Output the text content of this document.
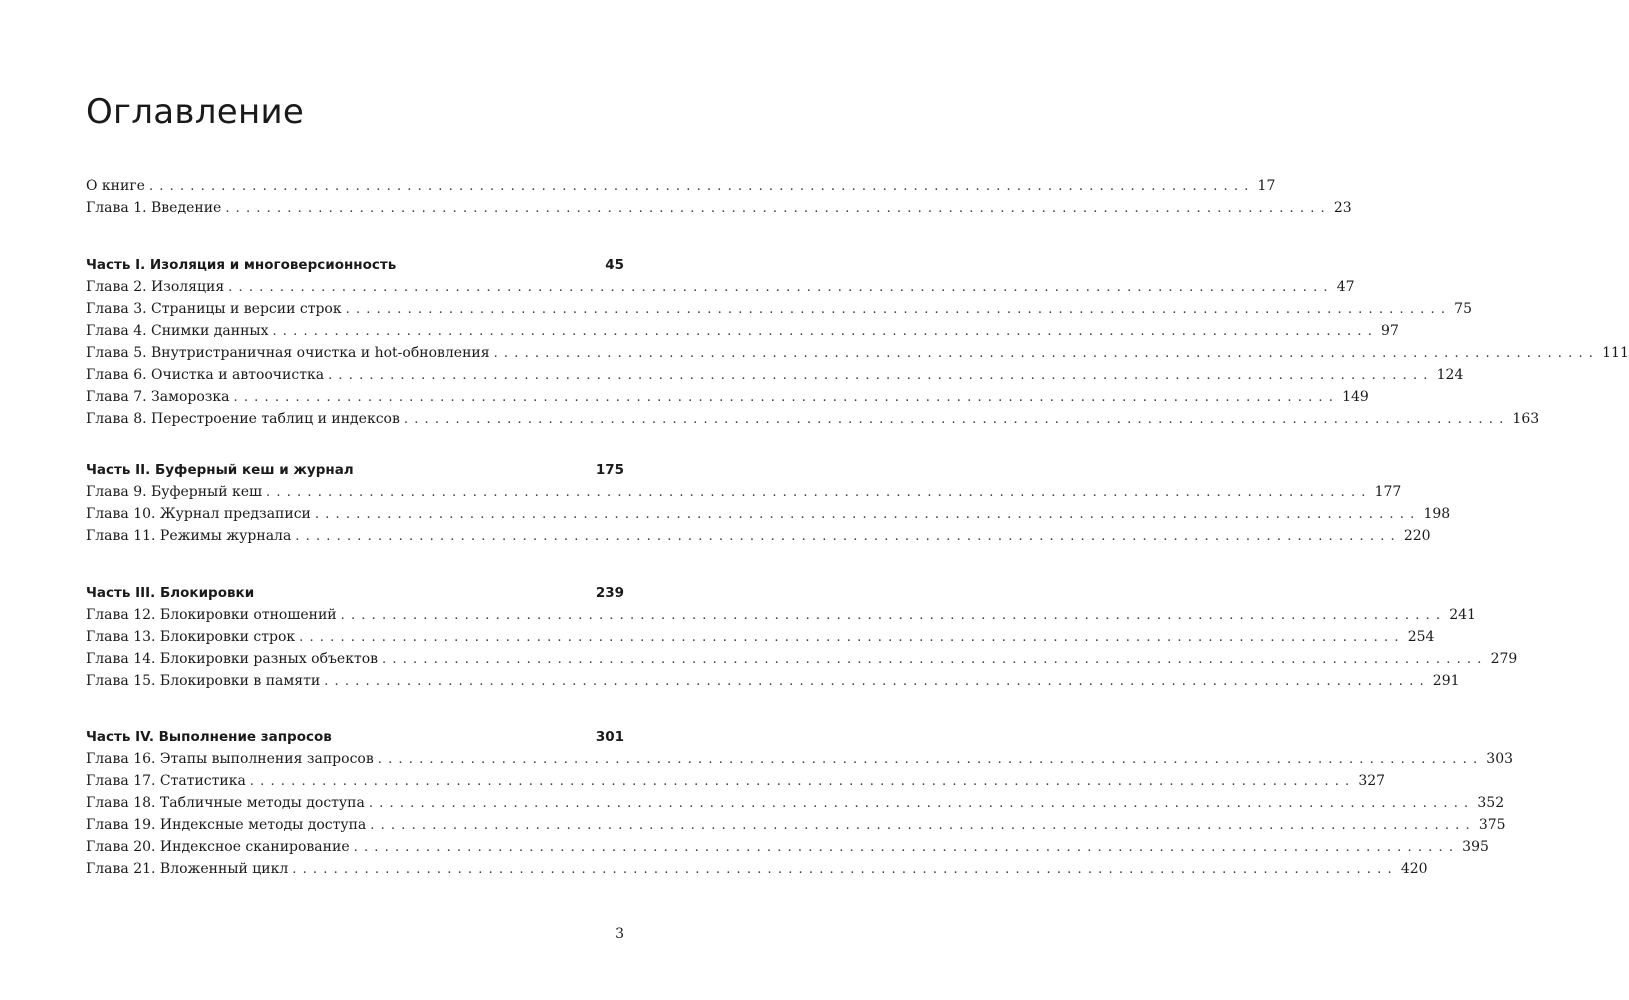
Оглавление
О книге ........................................................................................................... 17
Глава 1. Введение ........................................................................................................... 23
Часть I. Изоляция и многоверсионность	45
Глава 2. Изоляция ........................................................................................................... 47
Глава 3. Страницы и версии строк ........................................................................................................... 75
Глава 4. Снимки данных ........................................................................................................... 97
Глава 5. Внутристраничная очистка и hot-обновления ........................................................................................................... 111
Глава 6. Очистка и автоочистка ........................................................................................................... 124
Глава 7. Заморозка ........................................................................................................... 149
Глава 8. Перестроение таблиц и индексов ........................................................................................................... 163
Часть II. Буферный кеш и журнал	175
Глава 9. Буферный кеш ........................................................................................................... 177
Глава 10. Журнал предзаписи ........................................................................................................... 198
Глава 11. Режимы журнала ........................................................................................................... 220
Часть III. Блокировки	239
Глава 12. Блокировки отношений ........................................................................................................... 241
Глава 13. Блокировки строк ........................................................................................................... 254
Глава 14. Блокировки разных объектов ........................................................................................................... 279
Глава 15. Блокировки в памяти ........................................................................................................... 291
Часть IV. Выполнение запросов	301
Глава 16. Этапы выполнения запросов ........................................................................................................... 303
Глава 17. Статистика ........................................................................................................... 327
Глава 18. Табличные методы доступа ........................................................................................................... 352
Глава 19. Индексные методы доступа ........................................................................................................... 375
Глава 20. Индексное сканирование ........................................................................................................... 395
Глава 21. Вложенный цикл ........................................................................................................... 420
3
